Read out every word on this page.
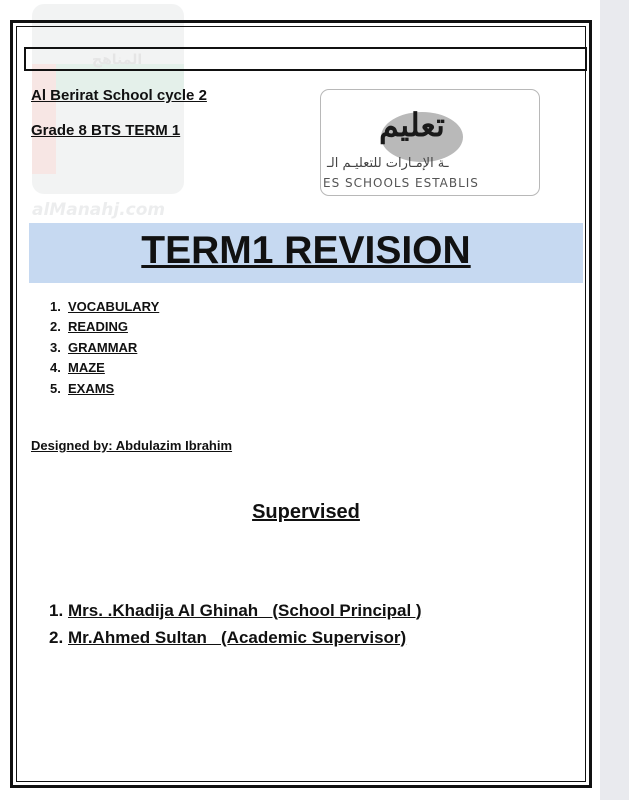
المناهج
alManahj.com
Al Berirat School cycle 2
Grade 8 BTS TERM 1	تعليم
ـة الإمـارات للتعليـم الـ
ES SCHOOLS ESTABLIS
TERM1 REVISION
1. VOCABULARY
2. READING
3. GRAMMAR
4. MAZE
5. EXAMS
Designed by: Abdulazim Ibrahim
Supervised
1. Mrs. .Khadija Al Ghinah   (School Principal )
2. Mr.Ahmed Sultan   (Academic Supervisor)
